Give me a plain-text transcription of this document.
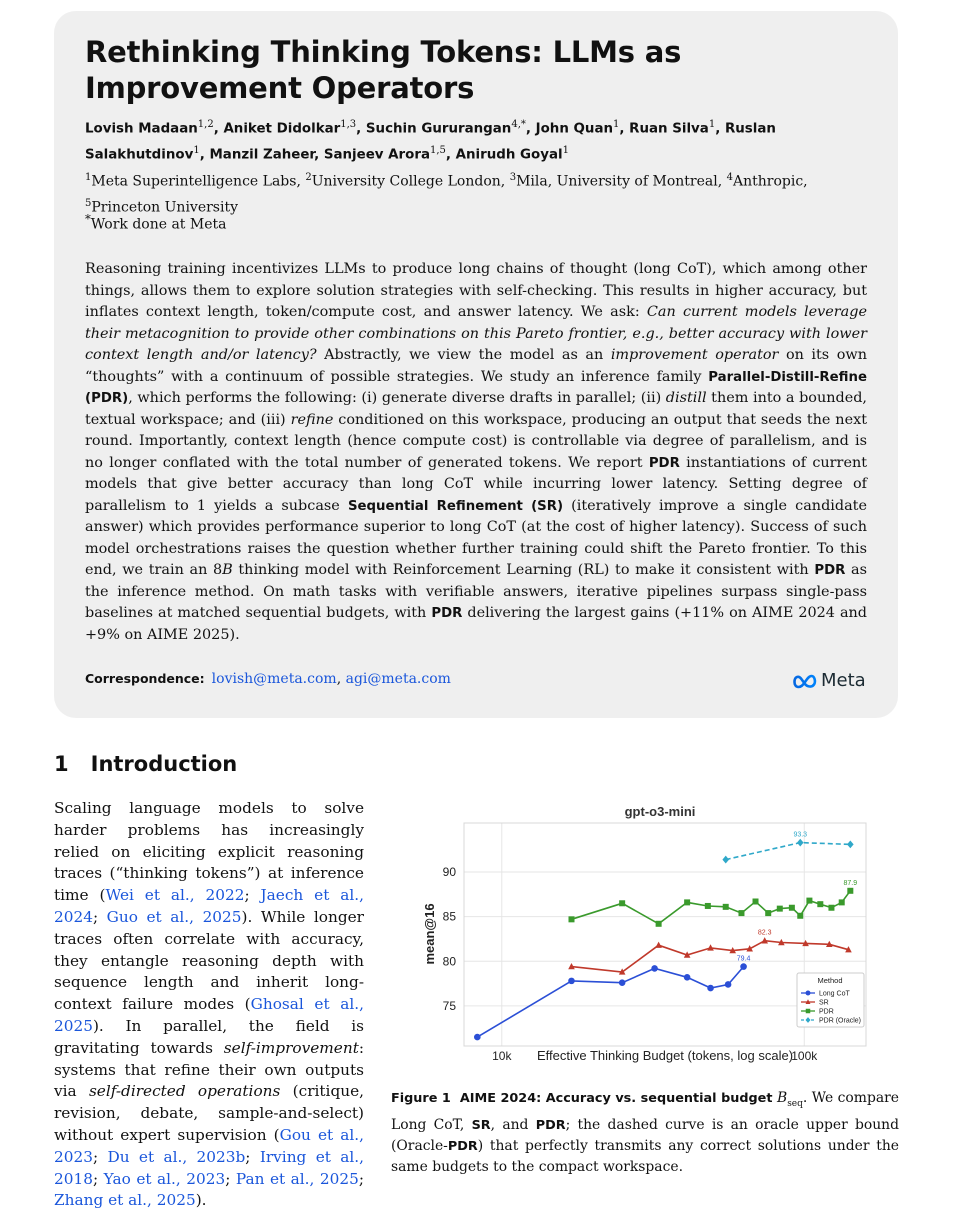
Rethinking Thinking Tokens: LLMs as Improvement Operators
Lovish Madaan$^{1,2}$, Aniket Didolkar$^{1,3}$, Suchin Gururangan$^{4,*}$, John Quan$^1$, Ruan Silva$^1$, Ruslan Salakhutdinov$^1$, Manzil Zaheer, Sanjeev Arora$^{1,5}$, Anirudh Goyal$^1$
$^1$Meta Superintelligence Labs, $^2$University College London, $^3$Mila, University of Montreal, $^4$Anthropic,
$^5$Princeton University
*Work done at Meta
Reasoning training incentivizes LLMs to produce long chains of thought (long CoT), which among other things, allows them to explore solution strategies with self-checking. This results in higher accuracy, but inflates context length, token/compute cost, and answer latency. We ask: Can current models leverage their metacognition to provide other combinations on this Pareto frontier, e.g., better accuracy with lower context length and/or latency? Abstractly, we view the model as an improvement operator on its own “thoughts” with a continuum of possible strategies. We study an inference family Parallel-Distill-Refine (PDR), which performs the following: (i) generate diverse drafts in parallel; (ii) distill them into a bounded, textual workspace; and (iii) refine conditioned on this workspace, producing an output that seeds the next round. Importantly, context length (hence compute cost) is controllable via degree of parallelism, and is no longer conflated with the total number of generated tokens. We report PDR instantiations of current models that give better accuracy than long CoT while incurring lower latency. Setting degree of parallelism to 1 yields a subcase Sequential Refinement (SR) (iteratively improve a single candidate answer) which provides performance superior to long CoT (at the cost of higher latency). Success of such model orchestrations raises the question whether further training could shift the Pareto frontier. To this end, we train an 8B thinking model with Reinforcement Learning (RL) to make it consistent with PDR as the inference method. On math tasks with verifiable answers, iterative pipelines surpass single-pass baselines at matched sequential budgets, with PDR delivering the largest gains (+11% on AIME 2024 and +9% on AIME 2025).
Correspondence: lovish@meta.com, agi@meta.com	Meta
1 Introduction
Scaling language models to solve harder problems has increasingly relied on eliciting explicit reasoning traces (“thinking tokens”) at inference time (Wei et al., 2022; Jaech et al., 2024; Guo et al., 2025). While longer traces often correlate with accuracy, they entangle reasoning depth with sequence length and inherit long-context failure modes (Ghosal et al., 2025). In parallel, the field is gravitating towards self-improvement: systems that refine their own outputs via self-directed operations (critique, revision, debate, sample-and-select) without expert supervision (Gou et al., 2023; Du et al., 2023b; Irving et al., 2018; Yao et al., 2023; Pan et al., 2025; Zhang et al., 2025).
gpt-o3-mini
79.4
82.3
87.9
93.3
75
80
85
90
10k	100k
Effective Thinking Budget (tokens, log scale)
mean@16
Method
Long CoT
SR
PDR
PDR (Oracle)
Figure 1 AIME 2024: Accuracy vs. sequential budget $B_{seq}$. We compare Long CoT, SR, and PDR; the dashed curve is an oracle upper bound (Oracle-PDR) that perfectly transmits any correct solutions under the same budgets to the compact workspace.
